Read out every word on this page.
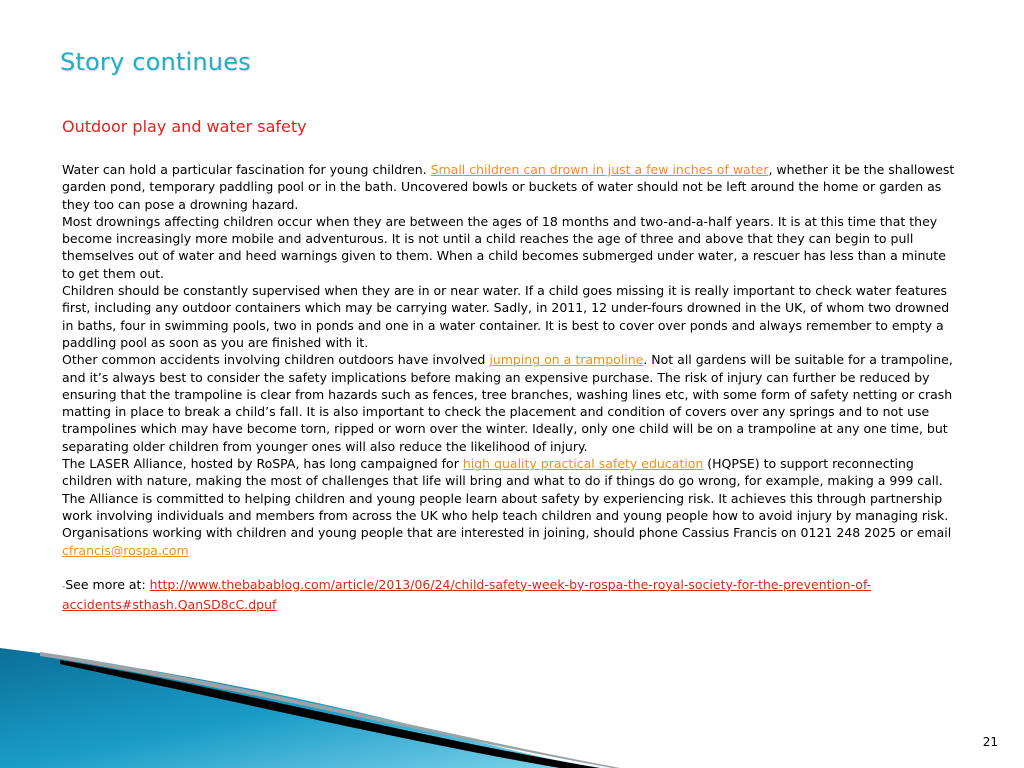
Story continues
Outdoor play and water safety

Water can hold a particular fascination for young children. Small children can drown in just a few inches of water, whether it be the shallowest garden pond, temporary paddling pool or in the bath. Uncovered bowls or buckets of water should not be left around the home or garden as they too can pose a drowning hazard.

Most drownings affecting children occur when they are between the ages of 18 months and two-and-a-half years. It is at this time that they become increasingly more mobile and adventurous. It is not until a child reaches the age of three and above that they can begin to pull themselves out of water and heed warnings given to them. When a child becomes submerged under water, a rescuer has less than a minute to get them out.

Children should be constantly supervised when they are in or near water. If a child goes missing it is really important to check water features first, including any outdoor containers which may be carrying water. Sadly, in 2011, 12 under-fours drowned in the UK, of whom two drowned in baths, four in swimming pools, two in ponds and one in a water container. It is best to cover over ponds and always remember to empty a paddling pool as soon as you are finished with it.

Other common accidents involving children outdoors have involved jumping on a trampoline. Not all gardens will be suitable for a trampoline, and it’s always best to consider the safety implications before making an expensive purchase. The risk of injury can further be reduced by ensuring that the trampoline is clear from hazards such as fences, tree branches, washing lines etc, with some form of safety netting or crash matting in place to break a child’s fall. It is also important to check the placement and condition of covers over any springs and to not use trampolines which may have become torn, ripped or worn over the winter. Ideally, only one child will be on a trampoline at any one time, but separating older children from younger ones will also reduce the likelihood of injury.

The LASER Alliance, hosted by RoSPA, has long campaigned for high quality practical safety education (HQPSE) to support reconnecting children with nature, making the most of challenges that life will bring and what to do if things do go wrong, for example, making a 999 call.

The Alliance is committed to helping children and young people learn about safety by experiencing risk. It achieves this through partnership work involving individuals and members from across the UK who help teach children and young people how to avoid injury by managing risk. Organisations working with children and young people that are interested in joining, should phone Cassius Francis on 0121 248 2025 or email cfrancis@rospa.com

-See more at: http://www.thebabablog.com/article/2013/06/24/child-safety-week-by-rospa-the-royal-society-for-the-prevention-of-accidents#sthash.QanSD8cC.dpuf

21
